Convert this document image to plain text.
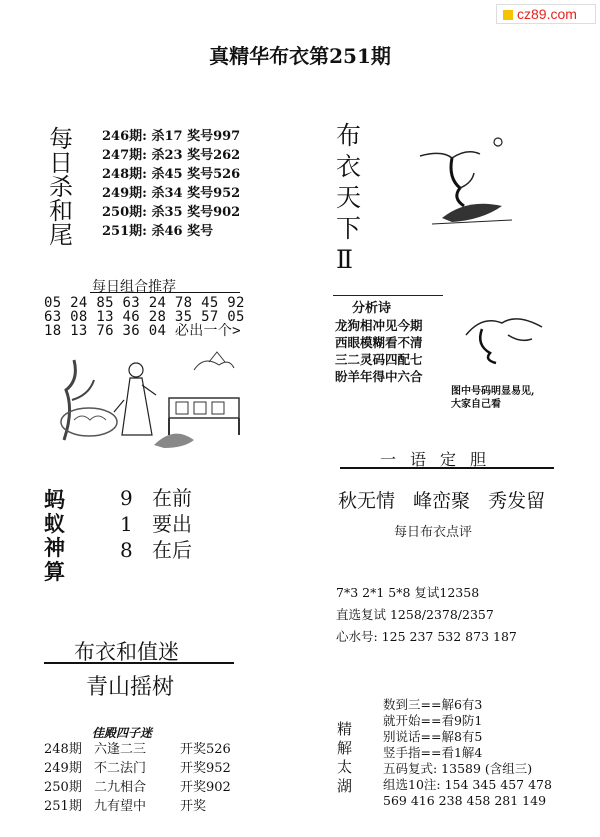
cz89.com
真精华布衣第251期
每
日
杀
和
尾
246期: 杀17 奖号997
247期: 杀23 奖号262
248期: 杀45 奖号526
249期: 杀34 奖号952
250期: 杀35 奖号902
251期: 杀46 奖号
每日组合推荐
05 24 85 63 24 78 45 92
63 08 13 46 28 35 57 05
18 13 76 36 04 必出一个>
蚂
蚁
神
算
9 在前
1 要出
8 在后
布衣和值迷
青山摇树
佳殿四子迷
248期 六逢二三	开奖526
249期 不二法门	开奖952
250期 二九相合	开奖902
251期 九有望中	开奖
布
衣
天
下
Ⅱ
分析诗
龙狗相冲见今期
西眼模糊看不清
三二灵码四配七
盼羊年得中六合
图中号码明显易见,
大家自己看
一语定胆
秋无情 峰峦聚 秀发留
每日布衣点评
7*3 2*1 5*8 复试12358
直选复试 1258/2378/2357
心水号: 125 237 532 873 187
精
解
太
湖
数到三==解6有3
就开始==看9防1
别说话==解8有5
竖手指==看1解4
五码复式: 13589 (含组三)
组选10注: 154 345 457 478
569 416 238 458 281 149
